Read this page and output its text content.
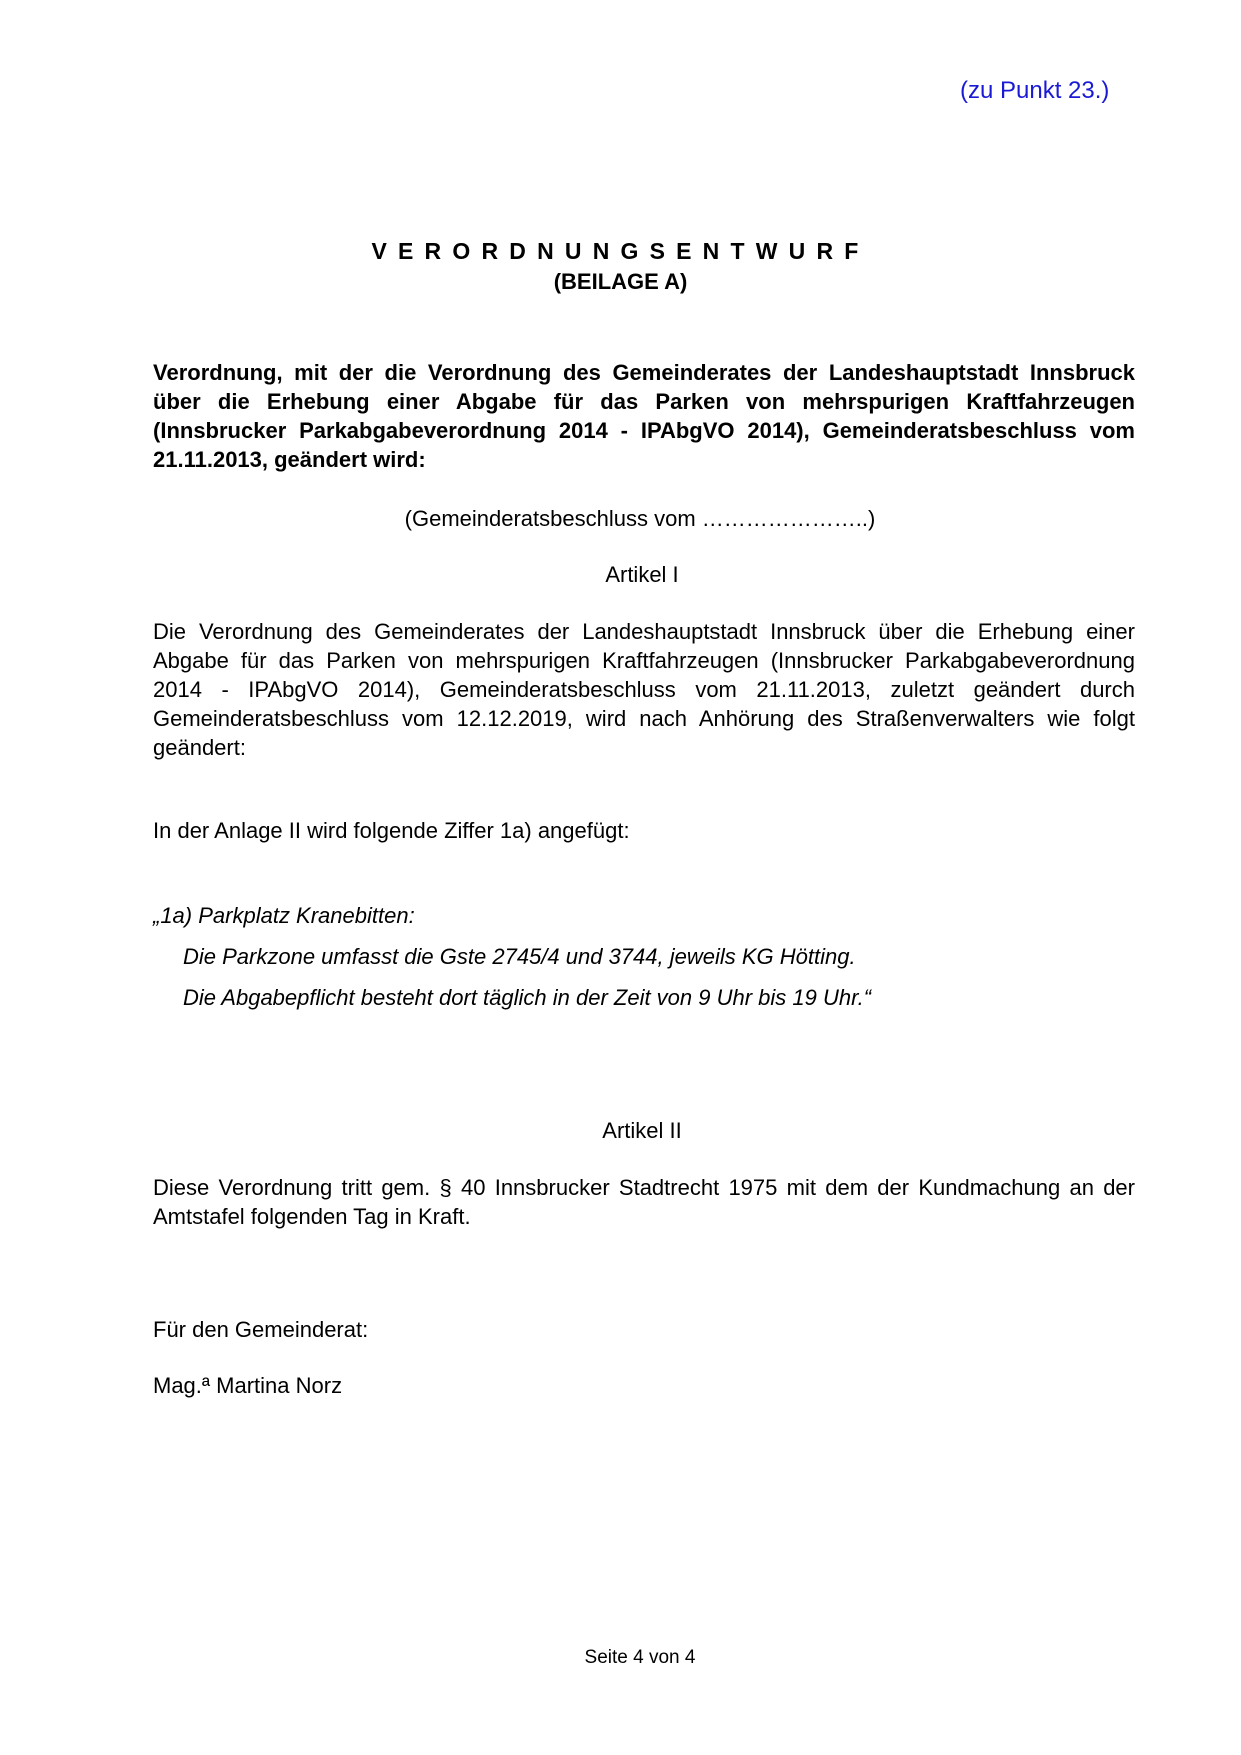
(zu Punkt 23.)
VERORDNUNGSENTWURF
(BEILAGE A)

Verordnung, mit der die Verordnung des Gemeinderates der Landeshauptstadt Innsbruck über die Erhebung einer Abgabe für das Parken von mehrspurigen Kraftfahrzeugen (Innsbrucker Parkabgabeverordnung 2014 - IPAbgVO 2014), Gemeinderatsbeschluss vom 21.11.2013, geändert wird:

(Gemeinderatsbeschluss vom …………………..)
Artikel I

Die Verordnung des Gemeinderates der Landeshauptstadt Innsbruck über die Erhebung einer Abgabe für das Parken von mehrspurigen Kraftfahrzeugen (Innsbrucker Parkabgabeverordnung 2014 - IPAbgVO 2014), Gemeinderatsbeschluss vom 21.11.2013, zuletzt geändert durch Gemeinderatsbeschluss vom 12.12.2019, wird nach Anhörung des Straßenverwalters wie folgt geändert:

In der Anlage II wird folgende Ziffer 1a) angefügt:

„1a) Parkplatz Kranebitten:

Die Parkzone umfasst die Gste 2745/4 und 3744, jeweils KG Hötting.

Die Abgabepflicht besteht dort täglich in der Zeit von 9 Uhr bis 19 Uhr.“

Artikel II

Diese Verordnung tritt gem. § 40 Innsbrucker Stadtrecht 1975 mit dem der Kundmachung an der Amtstafel folgenden Tag in Kraft.

Für den Gemeinderat:

Mag.ª Martina Norz

Seite 4 von 4
